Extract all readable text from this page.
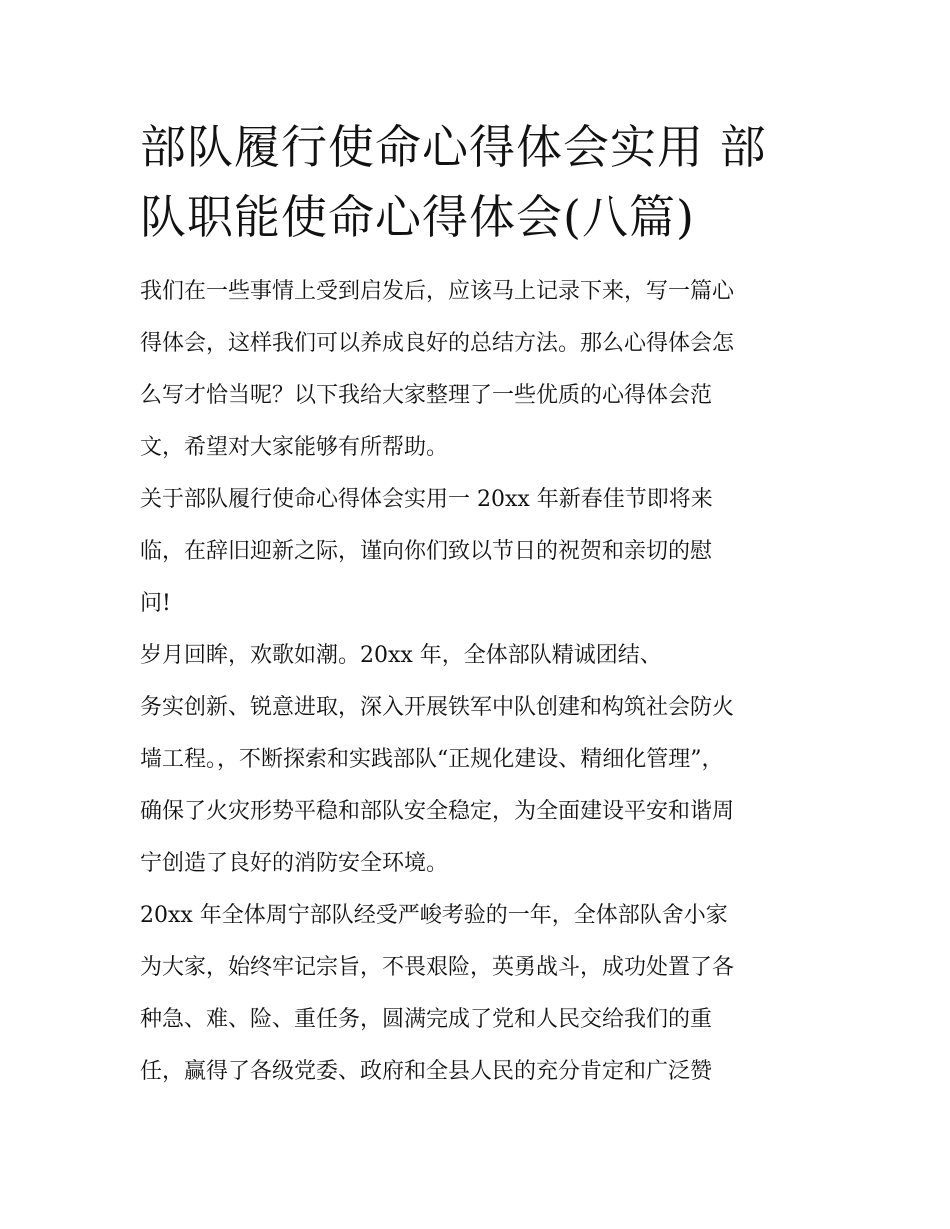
部队履行使命心得体会实用 部
队职能使命心得体会(八篇)

我们在一些事情上受到启发后，应该马上记录下来，写一篇心
得体会，这样我们可以养成良好的总结方法。那么心得体会怎
么写才恰当呢？以下我给大家整理了一些优质的心得体会范
文，希望对大家能够有所帮助。

关于部队履行使命心得体会实用一 20xx 年新春佳节即将来
临，在辞旧迎新之际，谨向你们致以节日的祝贺和亲切的慰
问!

岁月回眸，欢歌如潮。20xx 年，全体部队精诚团结、
务实创新、锐意进取，深入开展铁军中队创建和构筑社会防火
墙工程。，不断探索和实践部队“正规化建设、精细化管理”，
确保了火灾形势平稳和部队安全稳定，为全面建设平安和谐周
宁创造了良好的消防安全环境。

20xx 年全体周宁部队经受严峻考验的一年，全体部队舍小家
为大家，始终牢记宗旨，不畏艰险，英勇战斗，成功处置了各
种急、难、险、重任务，圆满完成了党和人民交给我们的重
任，赢得了各级党委、政府和全县人民的充分肯定和广泛赞
